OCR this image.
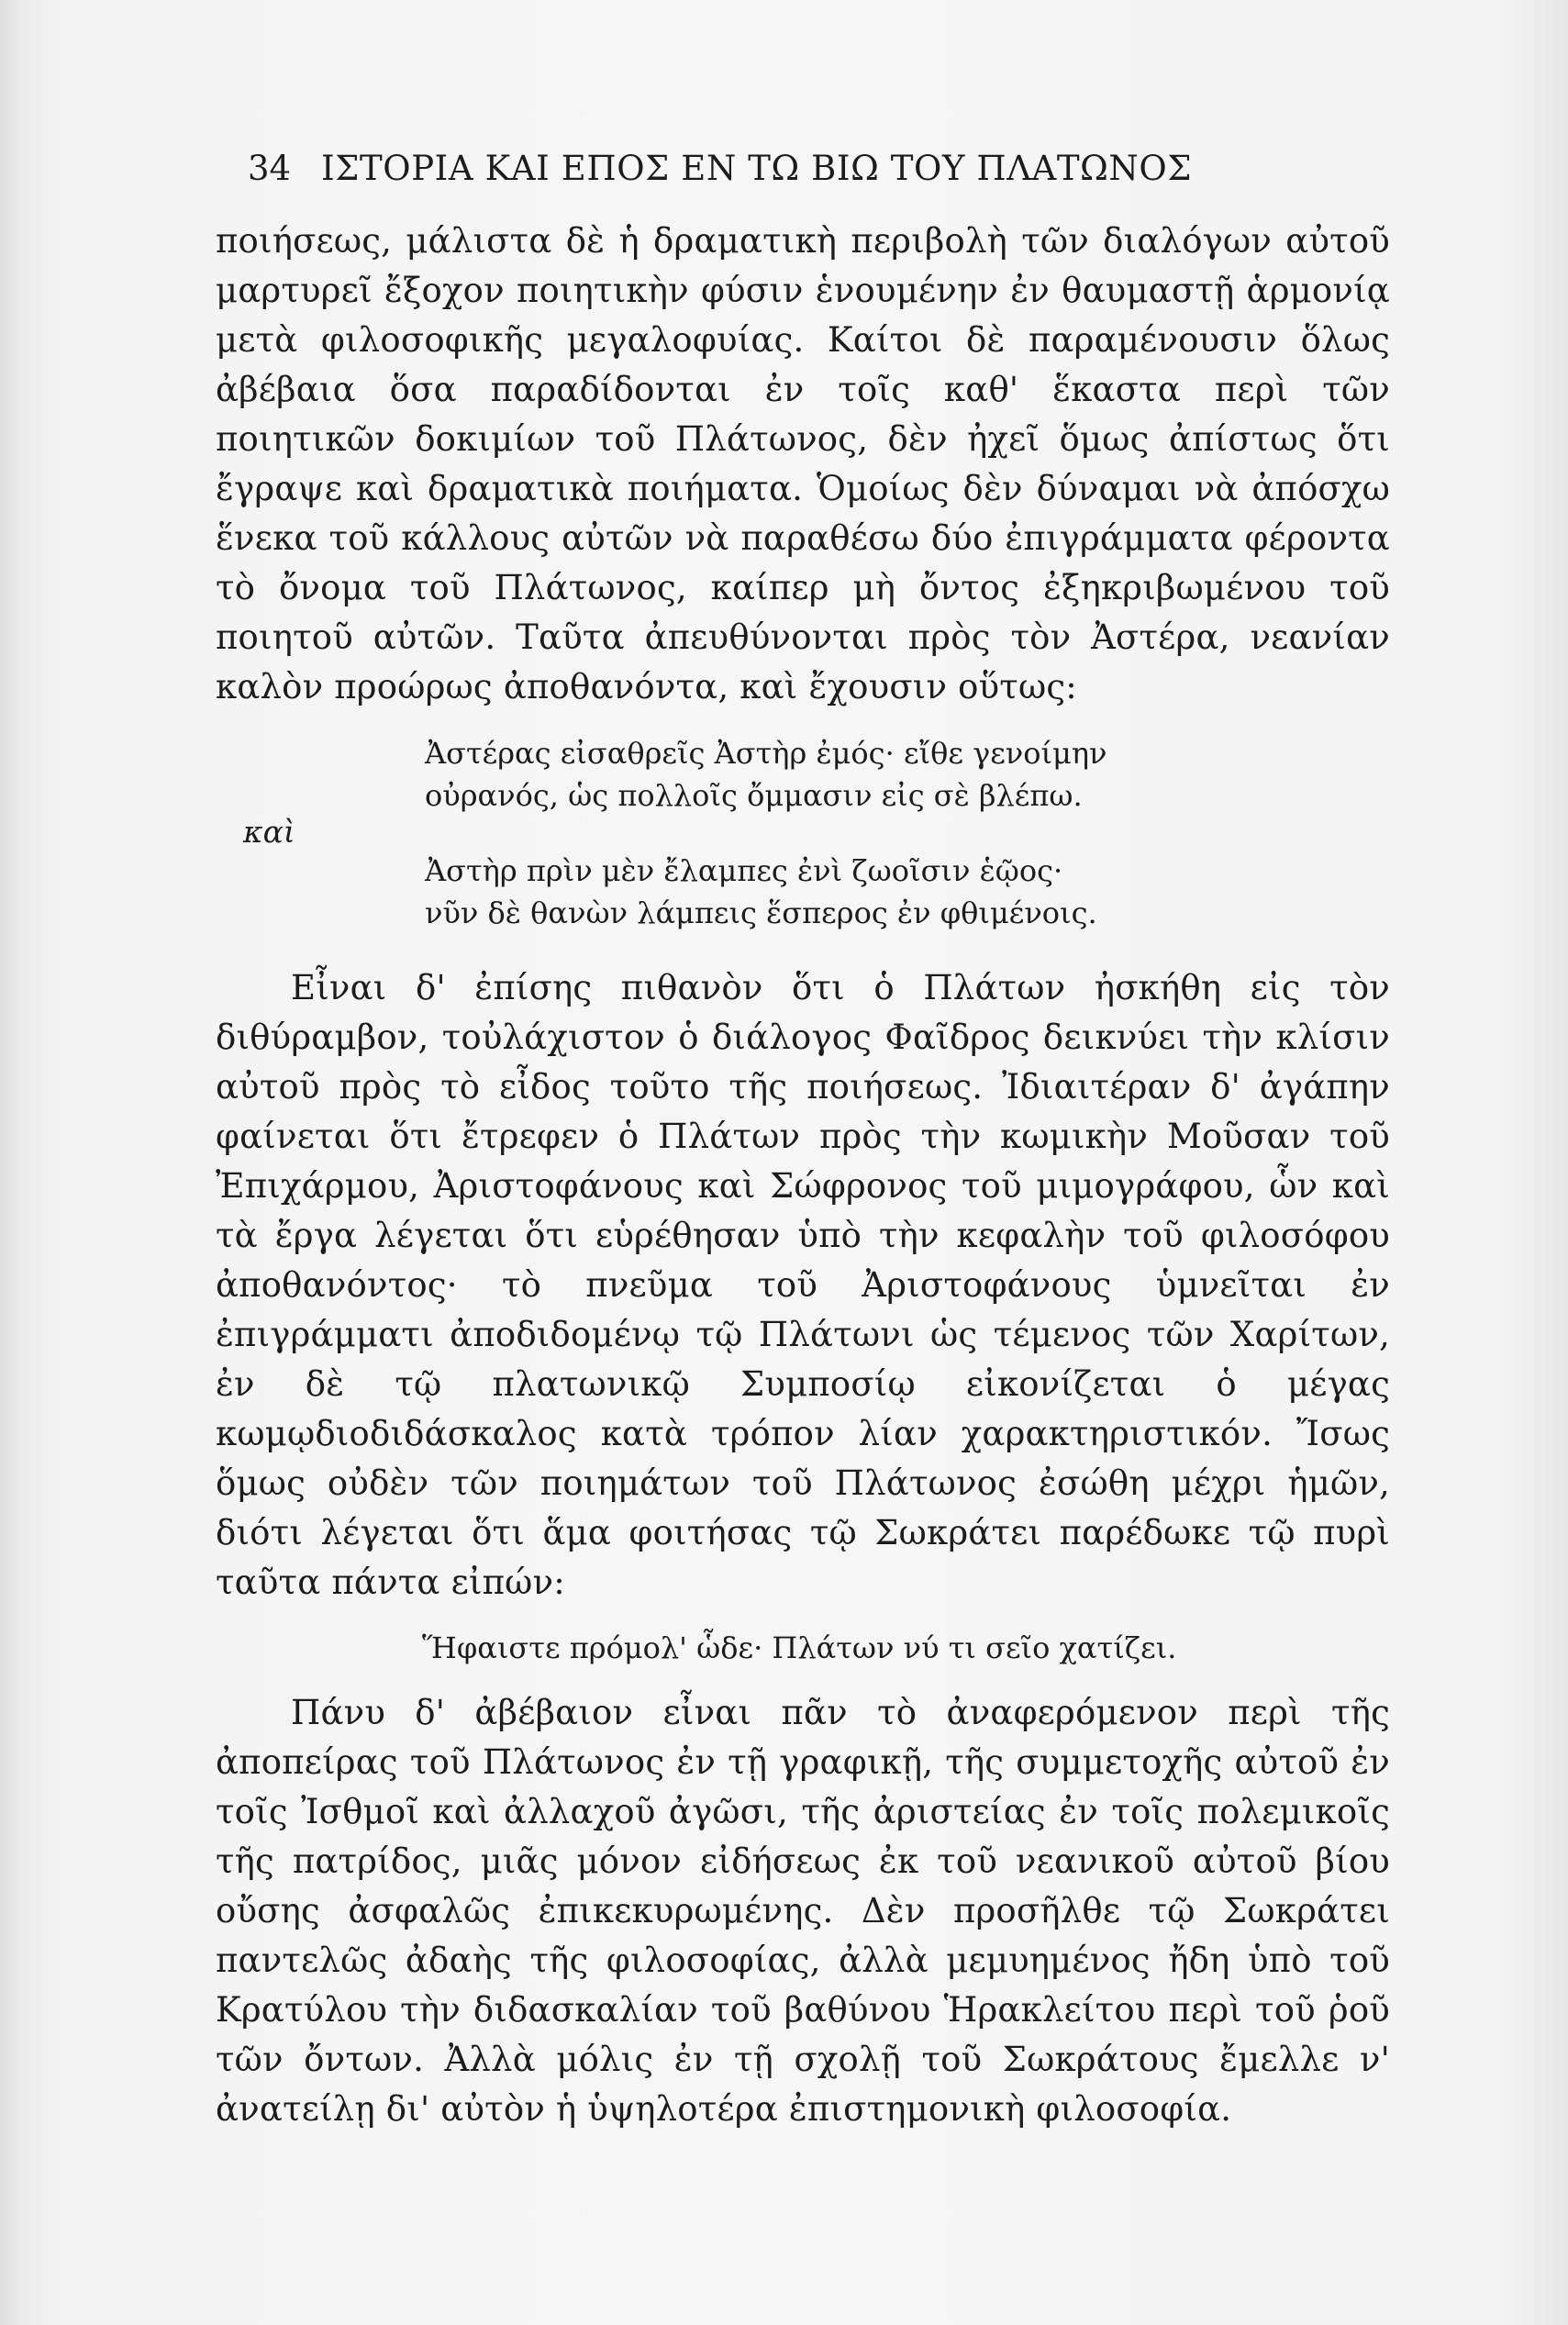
34 ΙΣΤΟΡΙΑ ΚΑΙ ΕΠΟΣ ΕΝ ΤΩ ΒΙΩ ΤΟΥ ΠΛΑΤΩΝΟΣ

ποιήσεως, μάλιστα δὲ ἡ δραματικὴ περιβολὴ τῶν διαλόγων αὐτοῦ μαρτυρεῖ ἔξοχον ποιητικὴν φύσιν ἑνουμένην ἐν θαυμαστῇ ἁρμονίᾳ μετὰ φιλοσοφικῆς μεγαλοφυίας. Καίτοι δὲ παραμένουσιν ὅλως ἀβέβαια ὅσα παραδίδονται ἐν τοῖς καθ' ἕκαστα περὶ τῶν ποιητικῶν δοκιμίων τοῦ Πλάτωνος, δὲν ἠχεῖ ὅμως ἀπίστως ὅτι ἔγραψε καὶ δραματικὰ ποιήματα. Ὁμοίως δὲν δύναμαι νὰ ἀπόσχω ἕνεκα τοῦ κάλλους αὐτῶν νὰ παραθέσω δύο ἐπιγράμματα φέροντα τὸ ὄνομα τοῦ Πλάτωνος, καίπερ μὴ ὄντος ἐξηκριβωμένου τοῦ ποιητοῦ αὐτῶν. Ταῦτα ἀπευθύνονται πρὸς τὸν Ἀστέρα, νεανίαν καλὸν προώρως ἀποθανόντα, καὶ ἔχουσιν οὕτως:

Ἀστέρας εἰσαθρεῖς Ἀστὴρ ἐμός· εἴθε γενοίμην
οὐρανός, ὡς πολλοῖς ὄμμασιν εἰς σὲ βλέπω.
καὶ
Ἀστὴρ πρὶν μὲν ἔλαμπες ἐνὶ ζωοῖσιν ἑῷος·
νῦν δὲ θανὼν λάμπεις ἕσπερος ἐν φθιμένοις.

Εἶναι δ' ἐπίσης πιθανὸν ὅτι ὁ Πλάτων ἠσκήθη εἰς τὸν διθύραμβον, τοὐλάχιστον ὁ διάλογος Φαῖδρος δεικνύει τὴν κλίσιν αὐτοῦ πρὸς τὸ εἶδος τοῦτο τῆς ποιήσεως. Ἰδιαιτέραν δ' ἀγάπην φαίνεται ὅτι ἔτρεφεν ὁ Πλάτων πρὸς τὴν κωμικὴν Μοῦσαν τοῦ Ἐπιχάρμου, Ἀριστοφάνους καὶ Σώφρονος τοῦ μιμογράφου, ὧν καὶ τὰ ἔργα λέγεται ὅτι εὑρέθησαν ὑπὸ τὴν κεφαλὴν τοῦ φιλοσόφου ἀποθανόντος· τὸ πνεῦμα τοῦ Ἀριστοφάνους ὑμνεῖται ἐν ἐπιγράμματι ἀποδιδομένῳ τῷ Πλάτωνι ὡς τέμενος τῶν Χαρίτων, ἐν δὲ τῷ πλατωνικῷ Συμποσίῳ εἰκονίζεται ὁ μέγας κωμῳδιοδιδάσκαλος κατὰ τρόπον λίαν χαρακτηριστικόν. Ἴσως ὅμως οὐδὲν τῶν ποιημάτων τοῦ Πλάτωνος ἐσώθη μέχρι ἡμῶν, διότι λέγεται ὅτι ἅμα φοιτήσας τῷ Σωκράτει παρέδωκε τῷ πυρὶ ταῦτα πάντα εἰπών:

Ἥφαιστε πρόμολ' ὧδε· Πλάτων νύ τι σεῖο χατίζει.

Πάνυ δ' ἀβέβαιον εἶναι πᾶν τὸ ἀναφερόμενον περὶ τῆς ἀποπείρας τοῦ Πλάτωνος ἐν τῇ γραφικῇ, τῆς συμμετοχῆς αὐτοῦ ἐν τοῖς Ἰσθμοῖ καὶ ἀλλαχοῦ ἀγῶσι, τῆς ἀριστείας ἐν τοῖς πολεμικοῖς τῆς πατρίδος, μιᾶς μόνον εἰδήσεως ἐκ τοῦ νεανικοῦ αὐτοῦ βίου οὔσης ἀσφαλῶς ἐπικεκυρωμένης. Δὲν προσῆλθε τῷ Σωκράτει παντελῶς ἀδαὴς τῆς φιλοσοφίας, ἀλλὰ μεμυημένος ἤδη ὑπὸ τοῦ Κρατύλου τὴν διδασκαλίαν τοῦ βαθύνου Ἡρακλείτου περὶ τοῦ ῥοῦ τῶν ὄντων. Ἀλλὰ μόλις ἐν τῇ σχολῇ τοῦ Σωκράτους ἔμελλε ν' ἀνατείλῃ δι' αὐτὸν ἡ ὑψηλοτέρα ἐπιστημονικὴ φιλοσοφία.
